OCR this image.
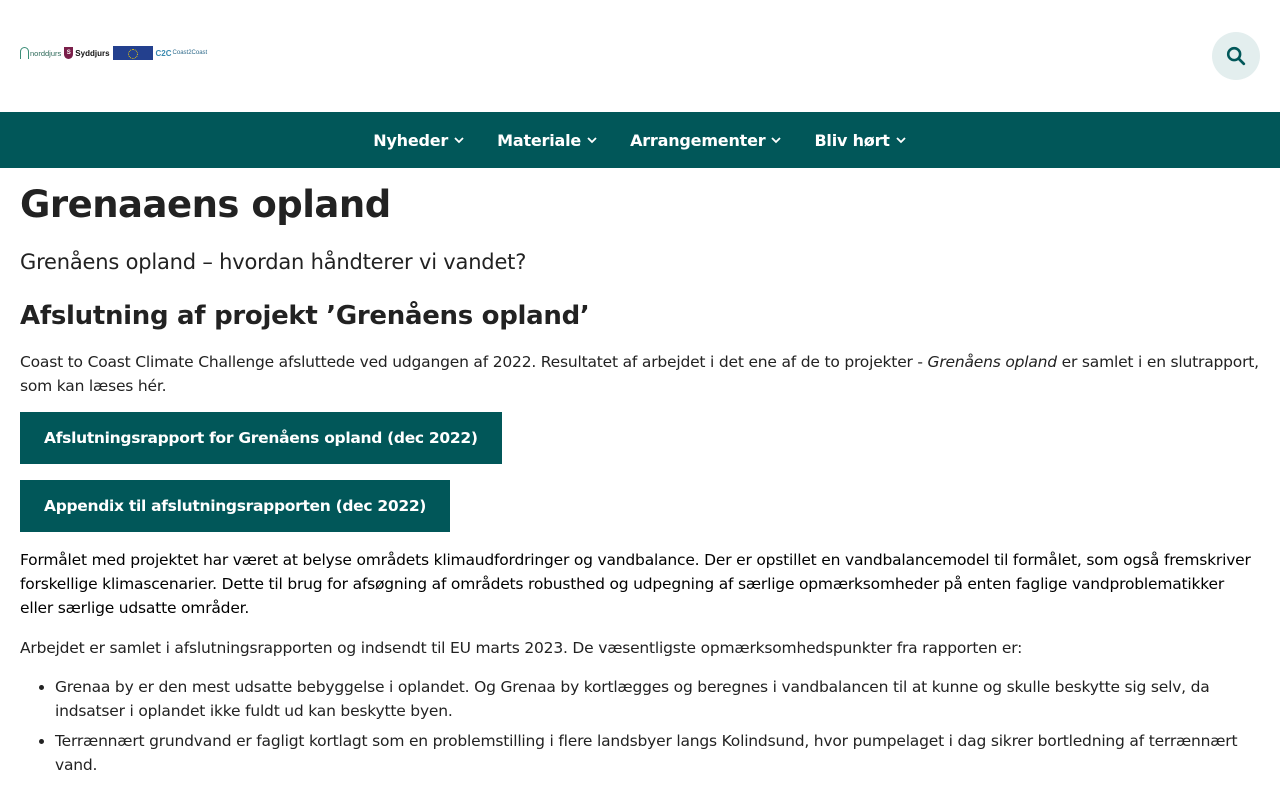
norddjurs S Syddjurs	C2C Coast2Coast
Nyheder	Materiale	Arrangementer	Bliv hørt
Grenaaens opland
Grenåens opland – hvordan håndterer vi vandet?
Afslutning af projekt ’Grenåens opland’

Coast to Coast Climate Challenge afsluttede ved udgangen af 2022. Resultatet af arbejdet i det ene af de to projekter - Grenåens opland er samlet i en slutrapport, som kan læses hér.

Afslutningsrapport for Grenåens opland (dec 2022)
Appendix til afslutningsrapporten (dec 2022)

Formålet med projektet har været at belyse områdets klimaudfordringer og vandbalance. Der er opstillet en vandbalancemodel til formålet, som også fremskriver forskellige klimascenarier. Dette til brug for afsøgning af områdets robusthed og udpegning af særlige opmærksomheder på enten faglige vandproblematikker eller særlige udsatte områder.

Arbejdet er samlet i afslutningsrapporten og indsendt til EU marts 2023. De væsentligste opmærksomhedspunkter fra rapporten er:

• Grenaa by er den mest udsatte bebyggelse i oplandet. Og Grenaa by kortlægges og beregnes i vandbalancen til at kunne og skulle beskytte sig selv, da indsatser i oplandet ikke fuldt ud kan beskytte byen.
• Terrænnært grundvand er fagligt kortlagt som en problemstilling i flere landsbyer langs Kolindsund, hvor pumpelaget i dag sikrer bortledning af terrænnært vand.
